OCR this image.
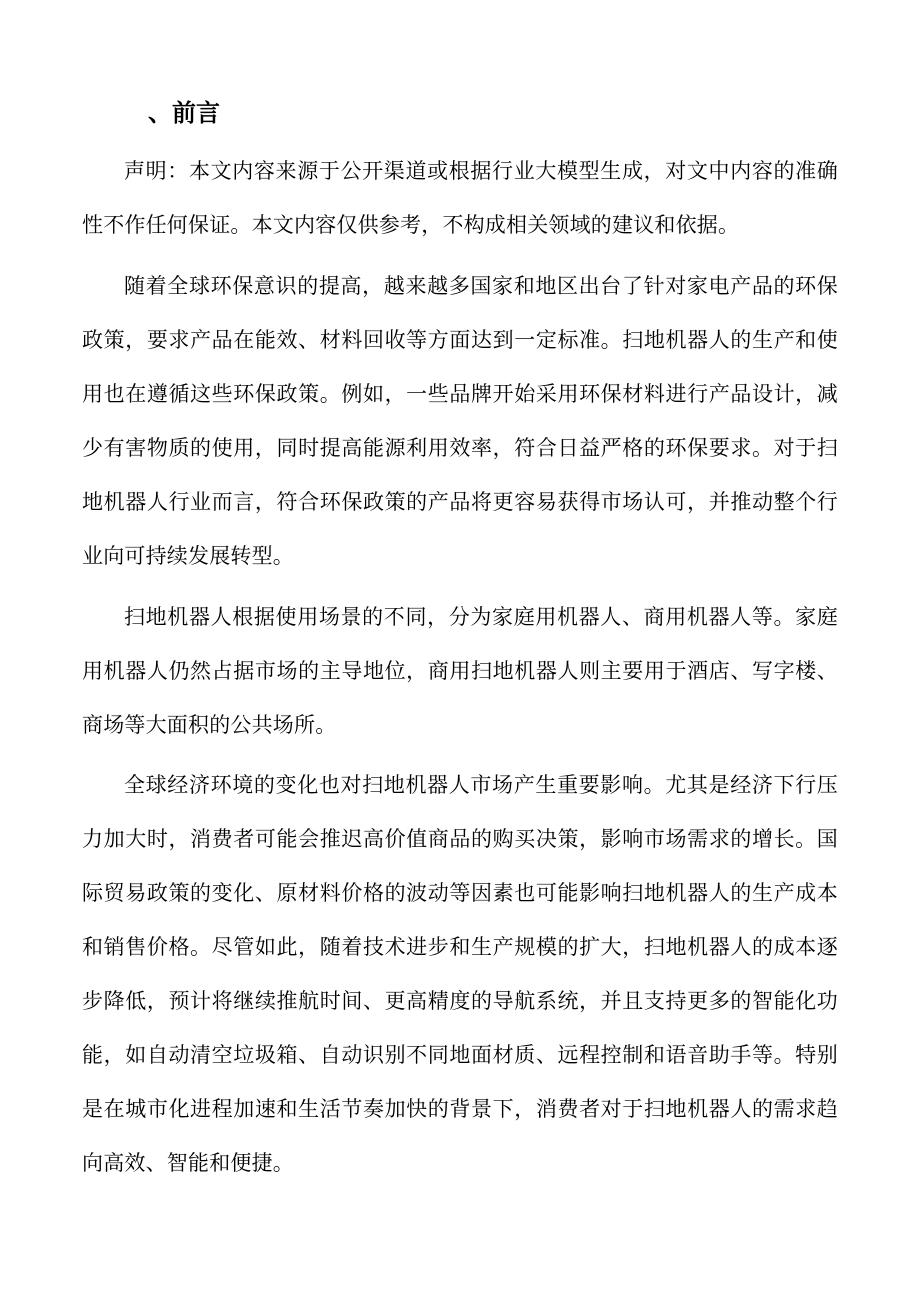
、前言

声明：本文内容来源于公开渠道或根据行业大模型生成，对文中内容的准确性不作任何保证。本文内容仅供参考，不构成相关领域的建议和依据。

随着全球环保意识的提高，越来越多国家和地区出台了针对家电产品的环保政策，要求产品在能效、材料回收等方面达到一定标准。扫地机器人的生产和使用也在遵循这些环保政策。例如，一些品牌开始采用环保材料进行产品设计，减少有害物质的使用，同时提高能源利用效率，符合日益严格的环保要求。对于扫地机器人行业而言，符合环保政策的产品将更容易获得市场认可，并推动整个行业向可持续发展转型。

扫地机器人根据使用场景的不同，分为家庭用机器人、商用机器人等。家庭用机器人仍然占据市场的主导地位，商用扫地机器人则主要用于酒店、写字楼、商场等大面积的公共场所。

全球经济环境的变化也对扫地机器人市场产生重要影响。尤其是经济下行压力加大时，消费者可能会推迟高价值商品的购买决策，影响市场需求的增长。国际贸易政策的变化、原材料价格的波动等因素也可能影响扫地机器人的生产成本和销售价格。尽管如此，随着技术进步和生产规模的扩大，扫地机器人的成本逐步降低，预计将继续推航时间、更高精度的导航系统，并且支持更多的智能化功能，如自动清空垃圾箱、自动识别不同地面材质、远程控制和语音助手等。特别是在城市化进程加速和生活节奏加快的背景下，消费者对于扫地机器人的需求趋向高效、智能和便捷。
